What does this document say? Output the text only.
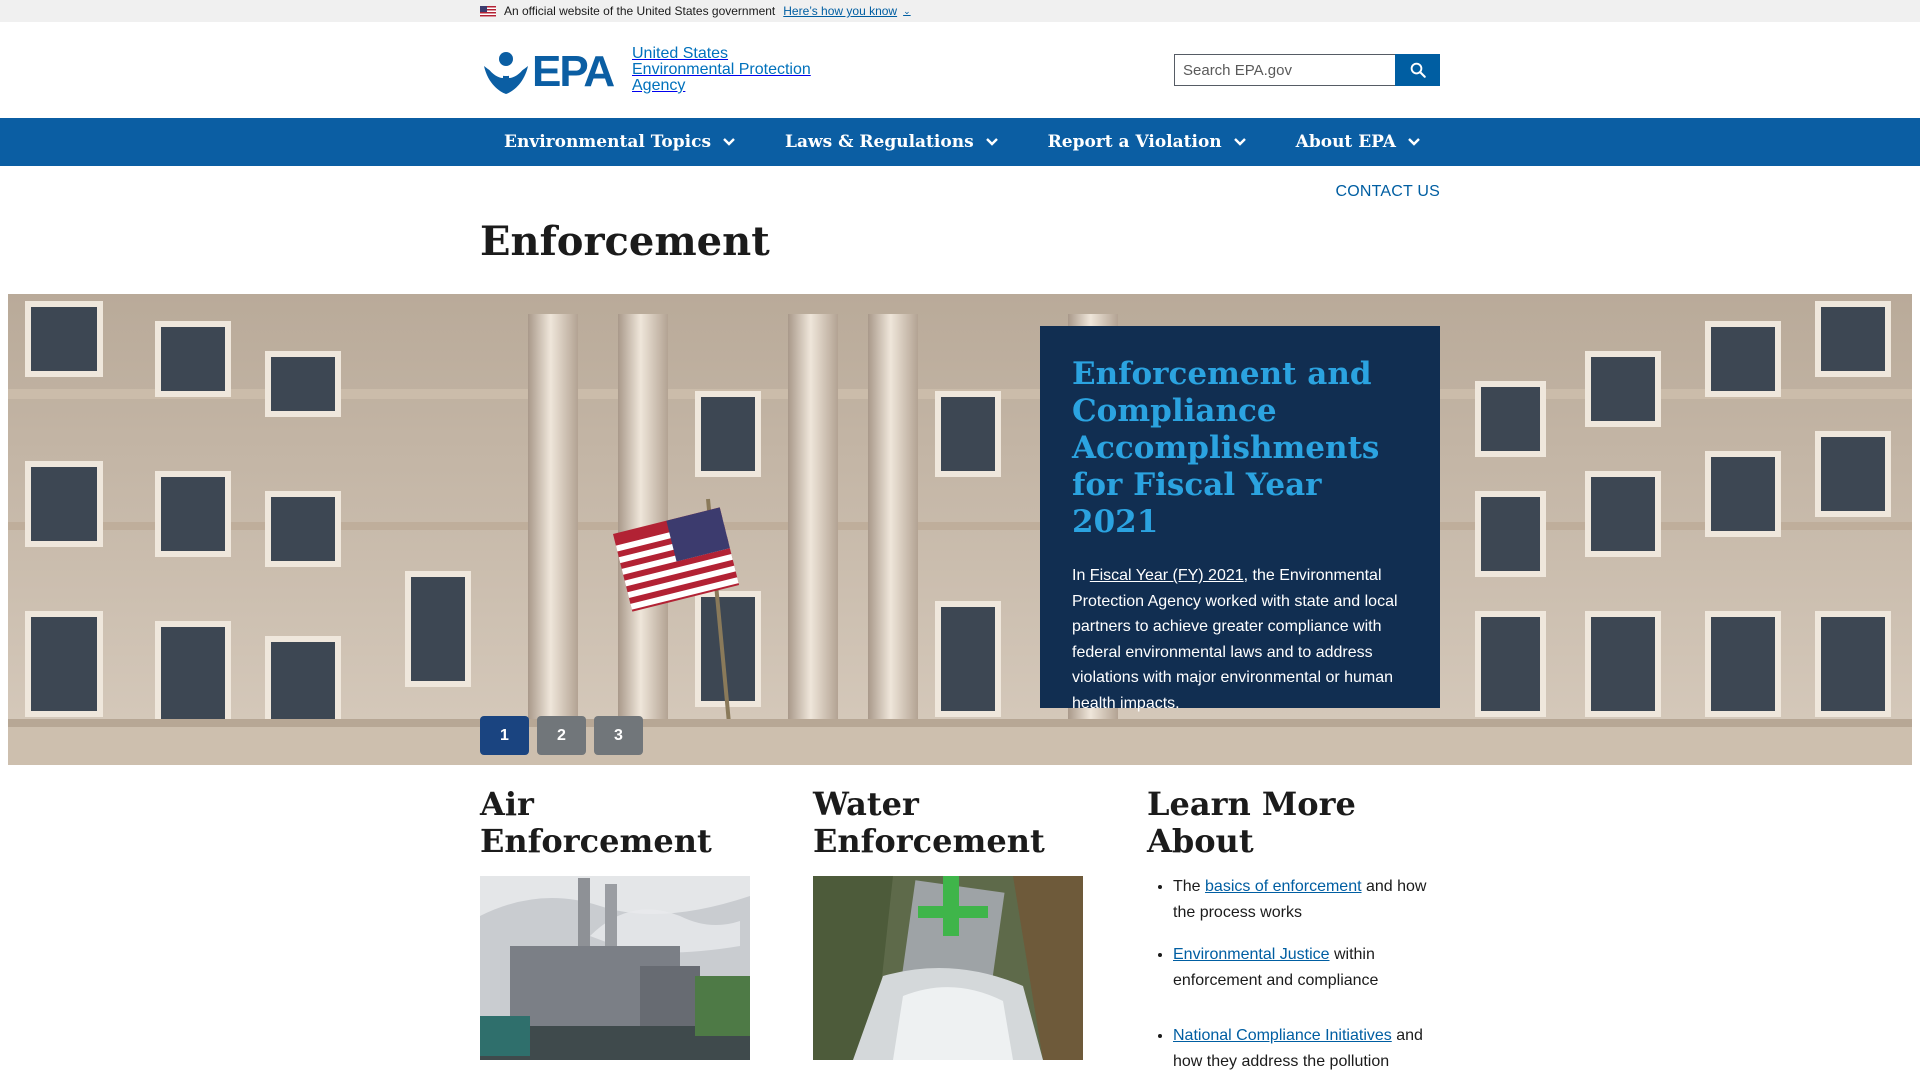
An official website of the United States government Here’s how you know ⌄
EPA United States
Environmental Protection
Agency
Search EPA.gov
Environmental Topics	Laws & Regulations	Report a Violation	About EPA
CONTACT US
Enforcement
Enforcement and Compliance Accomplishments for Fiscal Year 2021

In Fiscal Year (FY) 2021, the Environmental Protection Agency worked with state and local partners to achieve greater compliance with federal environmental laws and to address violations with major environmental or human health impacts.

1	2	3
Air Enforcement
Water Enforcement
Learn More About
• The basics of enforcement and how the process works
• Environmental Justice within enforcement and compliance
• National Compliance Initiatives and how they address the pollution
